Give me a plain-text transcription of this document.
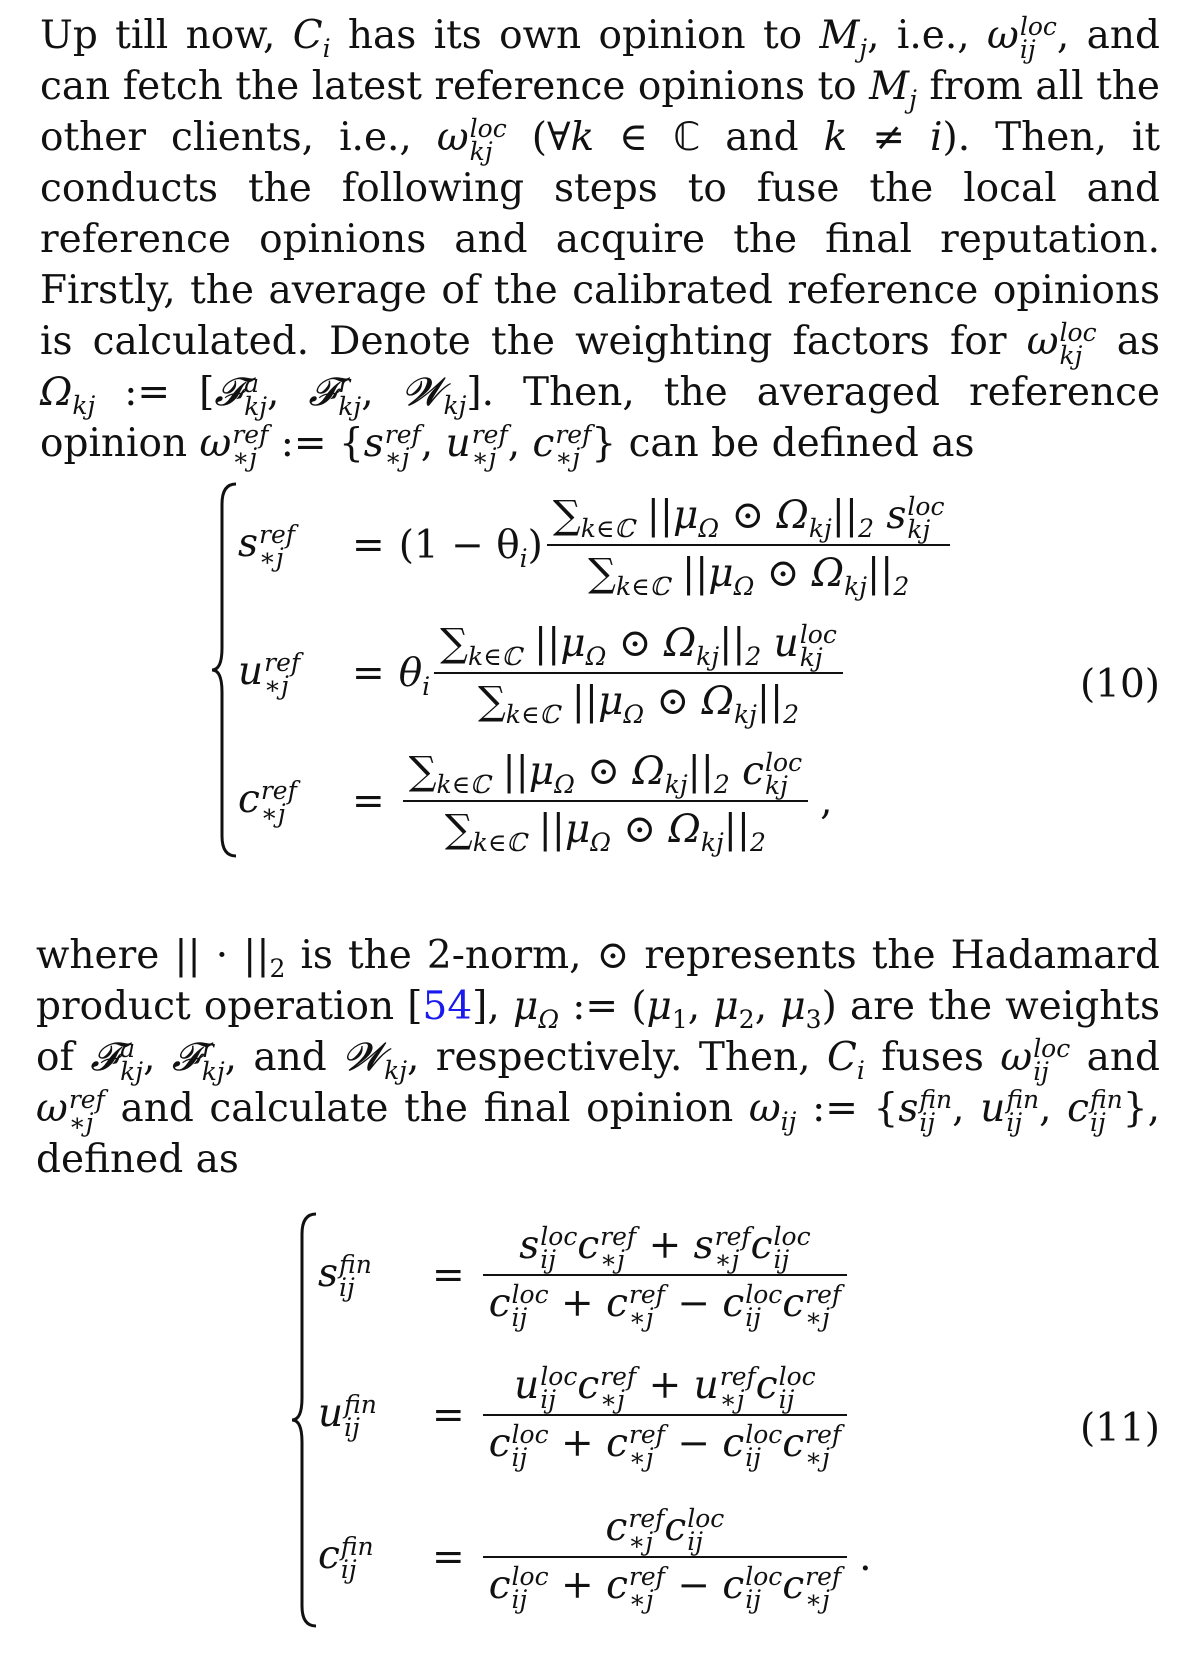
Up till now, $C_i$ has its own opinion to $M_j$, i.e., ω loc
ij , and can fetch the latest reference opinions to $M_j$ from all the other clients, i.e., ω loc
kj (∀k ∈ ℂ and k ≠ i). Then, it conducts the following steps to fuse the local and reference opinions and acquire the final reputation. Firstly, the average of the calibrated reference opinions is calculated. Denote the weighting factors for ω loc
kj as $\Omega_{kj}$ := [𝓕 a
kj , 𝓕 r
kj , 𝓦$_{kj}$]. Then, the averaged reference opinion ω ref
∗j := {s ref
∗j , u ref
∗j , c ref
∗j } can be defined as
s ref
∗j = $(1 - \theta_i)$ $\sum_{k\in ℂ}$ $||\mu_\Omega$ ⊙ $\Omega_{kj}||_2$ s loc
kj
$\sum_{k\in ℂ}$ $||\mu_\Omega$ ⊙ $\Omega_{kj}||_2$
u ref
∗j = $\theta_i$ $\sum_{k\in ℂ}$ $||\mu_\Omega$ ⊙ $\Omega_{kj}||_2$ u loc
kj
$\sum_{k\in ℂ}$ $||\mu_\Omega$ ⊙ $\Omega_{kj}||_2$
c ref
∗j = $\sum_{k\in ℂ}$ $||\mu_\Omega$ ⊙ $\Omega_{kj}||_2$ c loc
kj
$\sum_{k\in ℂ}$ $||\mu_\Omega$ ⊙ $\Omega_{kj}||_2$ ,
(10)
where || · $||_2$ is the 2-norm, ⊙ represents the Hadamard product operation [54], $\mu_\Omega$ := ($\mu_1$, $\mu_2$, $\mu_3$) are the weights of 𝓕 a
kj , 𝓕 r
kj , and 𝓦$_{kj}$, respectively. Then, $C_i$ fuses ω loc
ij and ω ref
∗j and calculate the final opinion $\omega_{ij}$ := {s fin
ij , u fin
ij , c fin
ij }, defined as
s fin
ij	= s loc
ij c ref
∗j + s ref
∗j c loc
ij
c loc
ij + c ref
∗j − c loc
ij c ref
∗j
u fin
ij	= u loc
ij c ref
∗j + u ref
∗j c loc
ij
c loc
ij + c ref
∗j − c loc
ij c ref
∗j
c fin
ij	= c ref
∗j c loc
ij
c loc
ij + c ref
∗j − c loc
ij c ref
∗j .
(11)
